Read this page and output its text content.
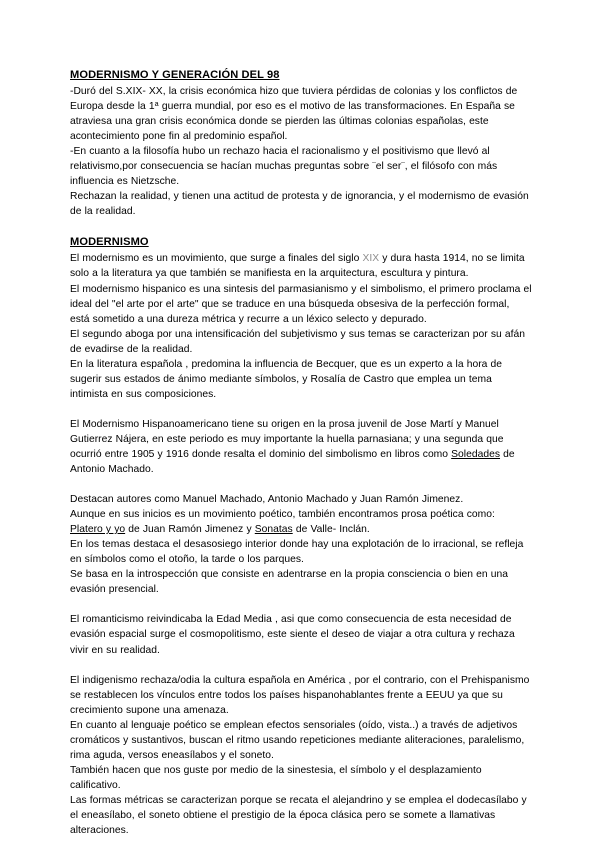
MODERNISMO Y GENERACIÓN DEL 98

-Duró del S.XIX- XX, la crisis económica hizo que tuviera pérdidas de colonias y los conflictos de Europa desde la 1$^a$ guerra mundial, por eso es el motivo de las transformaciones. En España se atraviesa una gran crisis económica donde se pierden las últimas colonias españolas, este acontecimiento pone fin al predominio español.

-En cuanto a la filosofía hubo un rechazo hacia el racionalismo y el positivismo que llevó al relativismo,por consecuencia se hacían muchas preguntas sobre ¨el ser¨, el filósofo con más influencia es Nietzsche.

Rechazan la realidad, y tienen una actitud de protesta y de ignorancia, y el modernismo de evasión de la realidad.

MODERNISMO

El modernismo es un movimiento, que surge a finales del siglo XIX y dura hasta 1914, no se limita solo a la literatura ya que también se manifiesta en la arquitectura, escultura y pintura.

El modernismo hispanico es una sintesis del parmasianismo y el simbolismo, el primero proclama el ideal del "el arte por el arte" que se traduce en una búsqueda obsesiva de la perfección formal, está sometido a una dureza métrica y recurre a un léxico selecto y depurado.

El segundo aboga por una intensificación del subjetivismo y sus temas se caracterizan por su afán de evadirse de la realidad.

En la literatura española , predomina la influencia de Becquer, que es un experto a la hora de sugerir sus estados de ánimo mediante símbolos, y Rosalía de Castro que emplea un tema intimista en sus composiciones.

El Modernismo Hispanoamericano tiene su origen en la prosa juvenil de Jose Martí y Manuel Gutierrez Nájera, en este periodo es muy importante la huella parnasiana; y una segunda que ocurrió entre 1905 y 1916 donde resalta el dominio del simbolismo en libros como Soledades de Antonio Machado.

Destacan autores como Manuel Machado, Antonio Machado y Juan Ramón Jimenez.

Aunque en sus inicios es un movimiento poético, también encontramos prosa poética como:

Platero y yo de Juan Ramón Jimenez y Sonatas de Valle- Inclán.

En los temas destaca el desasosiego interior donde hay una explotación de lo irracional, se refleja en símbolos como el otoño, la tarde o los parques.

Se basa en la introspección que consiste en adentrarse en la propia consciencia o bien en una evasión presencial.

El romanticismo reivindicaba la Edad Media , asi que como consecuencia de esta necesidad de evasión espacial surge el cosmopolitismo, este siente el deseo de viajar a otra cultura y rechaza vivir en su realidad.

El indigenismo rechaza/odia la cultura española en América , por el contrario, con el Prehispanismo se restablecen los vínculos entre todos los países hispanohablantes frente a EEUU ya que su crecimiento supone una amenaza.

En cuanto al lenguaje poético se emplean efectos sensoriales (oído, vista..) a través de adjetivos cromáticos y sustantivos, buscan el ritmo usando repeticiones mediante aliteraciones, paralelismo, rima aguda, versos eneasílabos y el soneto.

También hacen que nos guste por medio de la sinestesia, el símbolo y el desplazamiento calificativo.

Las formas métricas se caracterizan porque se recata el alejandrino y se emplea el dodecasílabo y el eneasílabo, el soneto obtiene el prestigio de la época clásica pero se somete a llamativas alteraciones.
